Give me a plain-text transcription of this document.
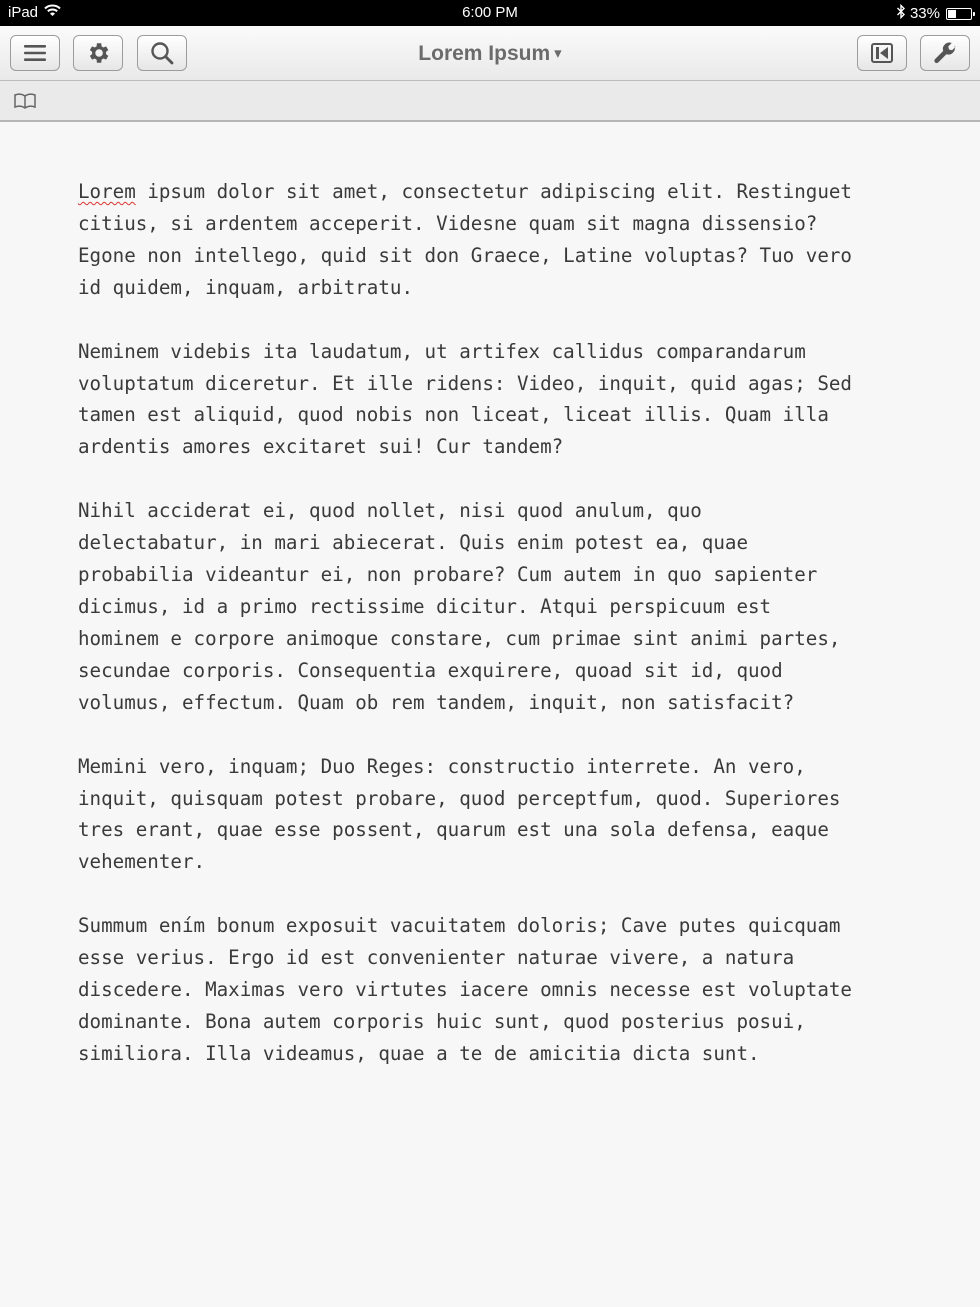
iPad	6:00 PM	33%
Lorem Ipsum ▾

Lorem ipsum dolor sit amet, consectetur adipiscing elit. Restinguet
citius, si ardentem acceperit. Videsne quam sit magna dissensio?
Egone non intellego, quid sit don Graece, Latine voluptas? Tuo vero
id quidem, inquam, arbitratu.

Neminem videbis ita laudatum, ut artifex callidus comparandarum
voluptatum diceretur. Et ille ridens: Video, inquit, quid agas; Sed
tamen est aliquid, quod nobis non liceat, liceat illis. Quam illa
ardentis amores excitaret sui! Cur tandem?

Nihil acciderat ei, quod nollet, nisi quod anulum, quo
delectabatur, in mari abiecerat. Quis enim potest ea, quae
probabilia videantur ei, non probare? Cum autem in quo sapienter
dicimus, id a primo rectissime dicitur. Atqui perspicuum est
hominem e corpore animoque constare, cum primae sint animi partes,
secundae corporis. Consequentia exquirere, quoad sit id, quod
volumus, effectum. Quam ob rem tandem, inquit, non satisfacit?

Memini vero, inquam; Duo Reges: constructio interrete. An vero,
inquit, quisquam potest probare, quod perceptfum, quod. Superiores
tres erant, quae esse possent, quarum est una sola defensa, eaque
vehementer.

Summum ením bonum exposuit vacuitatem doloris; Cave putes quicquam
esse verius. Ergo id est convenienter naturae vivere, a natura
discedere. Maximas vero virtutes iacere omnis necesse est voluptate
dominante. Bona autem corporis huic sunt, quod posterius posui,
similiora. Illa videamus, quae a te de amicitia dicta sunt.
